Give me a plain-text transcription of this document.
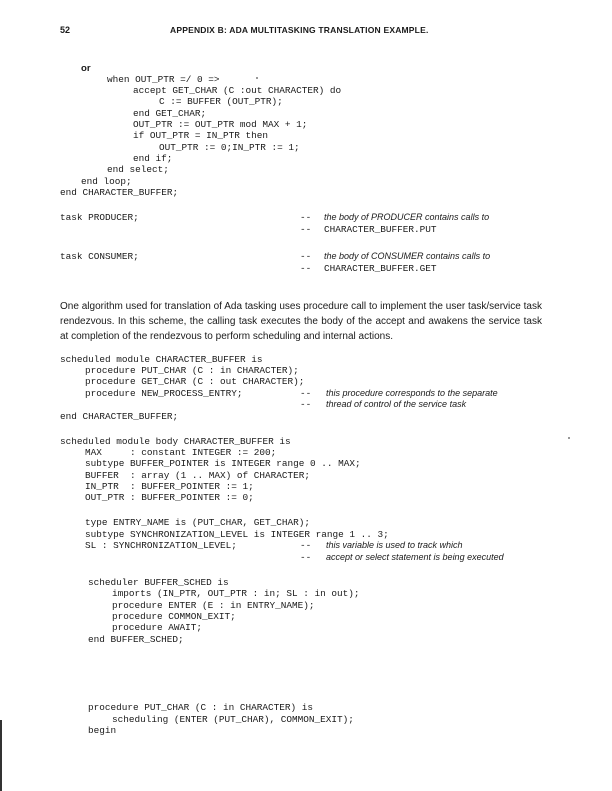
52	APPENDIX B: ADA MULTITASKING TRANSLATION EXAMPLE.
or
when OUT_PTR =/ 0 =>
accept GET_CHAR (C :out CHARACTER) do
C := BUFFER (OUT_PTR);
end GET_CHAR;
OUT_PTR := OUT_PTR mod MAX + 1;
if OUT_PTR = IN_PTR then
OUT_PTR := 0;IN_PTR := 1;
end if;
end select;
end loop;
end CHARACTER_BUFFER;
task PRODUCER;	-- the body of PRODUCER contains calls to
-- CHARACTER_BUFFER.PUT
task CONSUMER;	-- the body of CONSUMER contains calls to
-- CHARACTER_BUFFER.GET
One algorithm used for translation of Ada tasking uses procedure call to implement the user task/service task rendezvous. In this scheme, the calling task executes the body of the accept and awakens the service task at completion of the rendezvous to perform scheduling and internal actions.
scheduled module CHARACTER_BUFFER is
procedure PUT_CHAR (C : in CHARACTER);
procedure GET_CHAR (C : out CHARACTER);
procedure NEW_PROCESS_ENTRY;	-- this procedure corresponds to the separate
-- thread of control of the service task
end CHARACTER_BUFFER;
scheduled module body CHARACTER_BUFFER is
MAX     : constant INTEGER := 200;
subtype BUFFER_POINTER is INTEGER range 0 .. MAX;
BUFFER  : array (1 .. MAX) of CHARACTER;
IN_PTR  : BUFFER_POINTER := 1;
OUT_PTR : BUFFER_POINTER := 0;
type ENTRY_NAME is (PUT_CHAR, GET_CHAR);
subtype SYNCHRONIZATION_LEVEL is INTEGER range 1 .. 3;
SL : SYNCHRONIZATION_LEVEL;	-- this variable is used to track which
-- accept or select statement is being executed
scheduler BUFFER_SCHED is
imports (IN_PTR, OUT_PTR : in; SL : in out);
procedure ENTER (E : in ENTRY_NAME);
procedure COMMON_EXIT;
procedure AWAIT;
end BUFFER_SCHED;
procedure PUT_CHAR (C : in CHARACTER) is
scheduling (ENTER (PUT_CHAR), COMMON_EXIT);
begin
